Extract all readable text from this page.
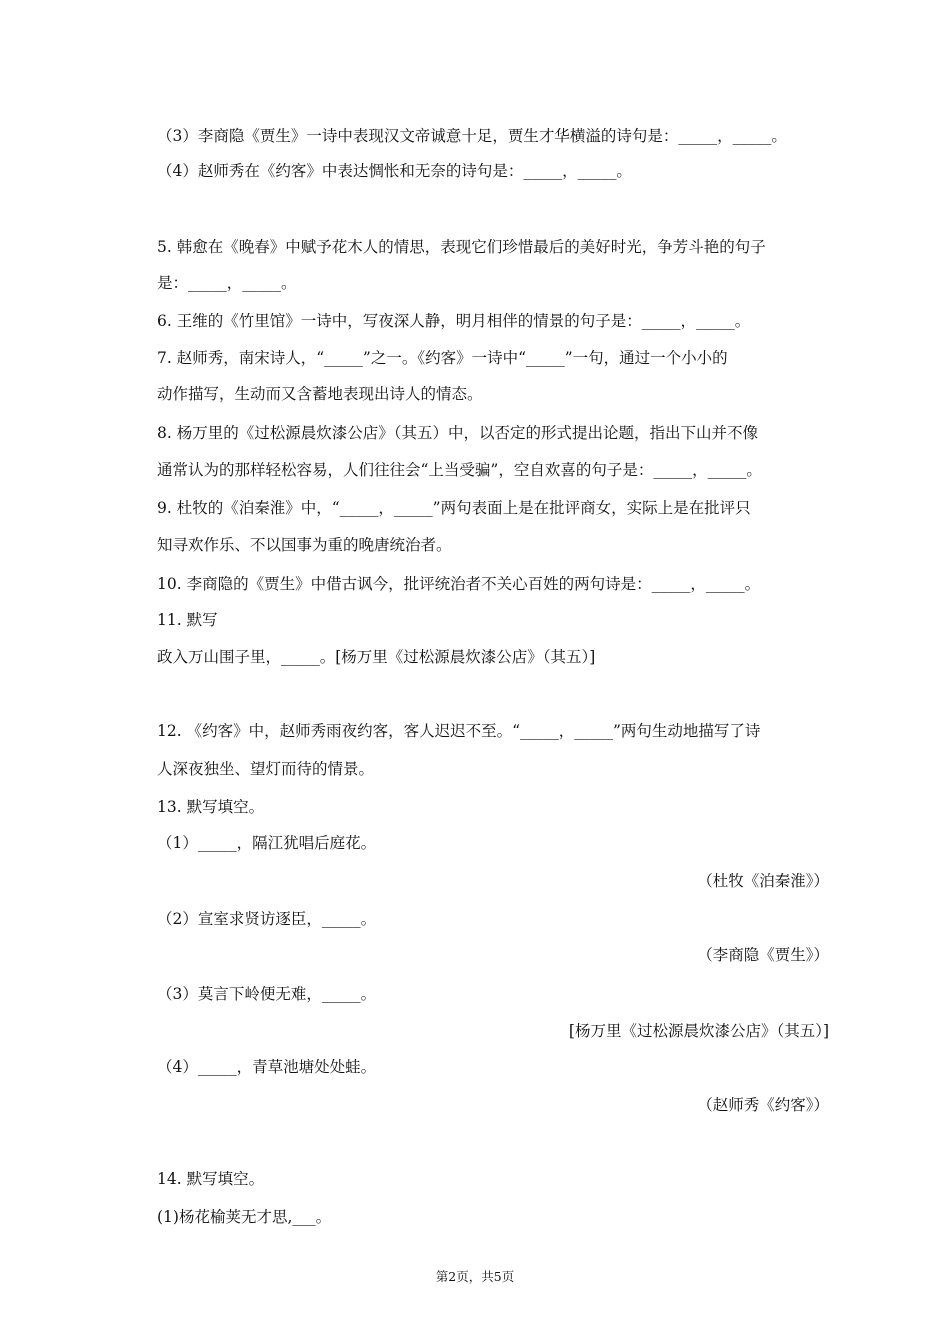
（3）李商隐《贾生》一诗中表现汉文帝诚意十足，贾生才华横溢的诗句是：_____，_____。
（4）赵师秀在《约客》中表达惆怅和无奈的诗句是：_____，_____。
5. 韩愈在《晚春》中赋予花木人的情思，表现它们珍惜最后的美好时光，争芳斗艳的句子
是：_____，_____。
6. 王维的《竹里馆》一诗中，写夜深人静，明月相伴的情景的句子是：_____，_____。
7. 赵师秀，南宋诗人，“_____”之一。《约客》一诗中“_____”一句，通过一个小小的
动作描写，生动而又含蓄地表现出诗人的情态。
8. 杨万里的《过松源晨炊漆公店》（其五）中，以否定的形式提出论题，指出下山并不像
通常认为的那样轻松容易，人们往往会“上当受骗”，空自欢喜的句子是：_____，_____。
9. 杜牧的《泊秦淮》中，“_____，_____”两句表面上是在批评商女，实际上是在批评只
知寻欢作乐、不以国事为重的晚唐统治者。
10. 李商隐的《贾生》中借古讽今，批评统治者不关心百姓的两句诗是：_____，_____。
11. 默写
政入万山围子里，_____。[杨万里《过松源晨炊漆公店》（其五）]
12. 《约客》中，赵师秀雨夜约客，客人迟迟不至。“_____，_____”两句生动地描写了诗
人深夜独坐、望灯而待的情景。
13. 默写填空。
（1）_____，隔江犹唱后庭花。
（杜牧《泊秦淮》）
（2）宣室求贤访逐臣，_____。
（李商隐《贾生》）
（3）莫言下岭便无难，_____。
[杨万里《过松源晨炊漆公店》（其五）]
（4）_____，青草池塘处处蛙。
（赵师秀《约客》）
14. 默写填空。
(1)杨花榆荚无才思,___。
第2页，共5页
